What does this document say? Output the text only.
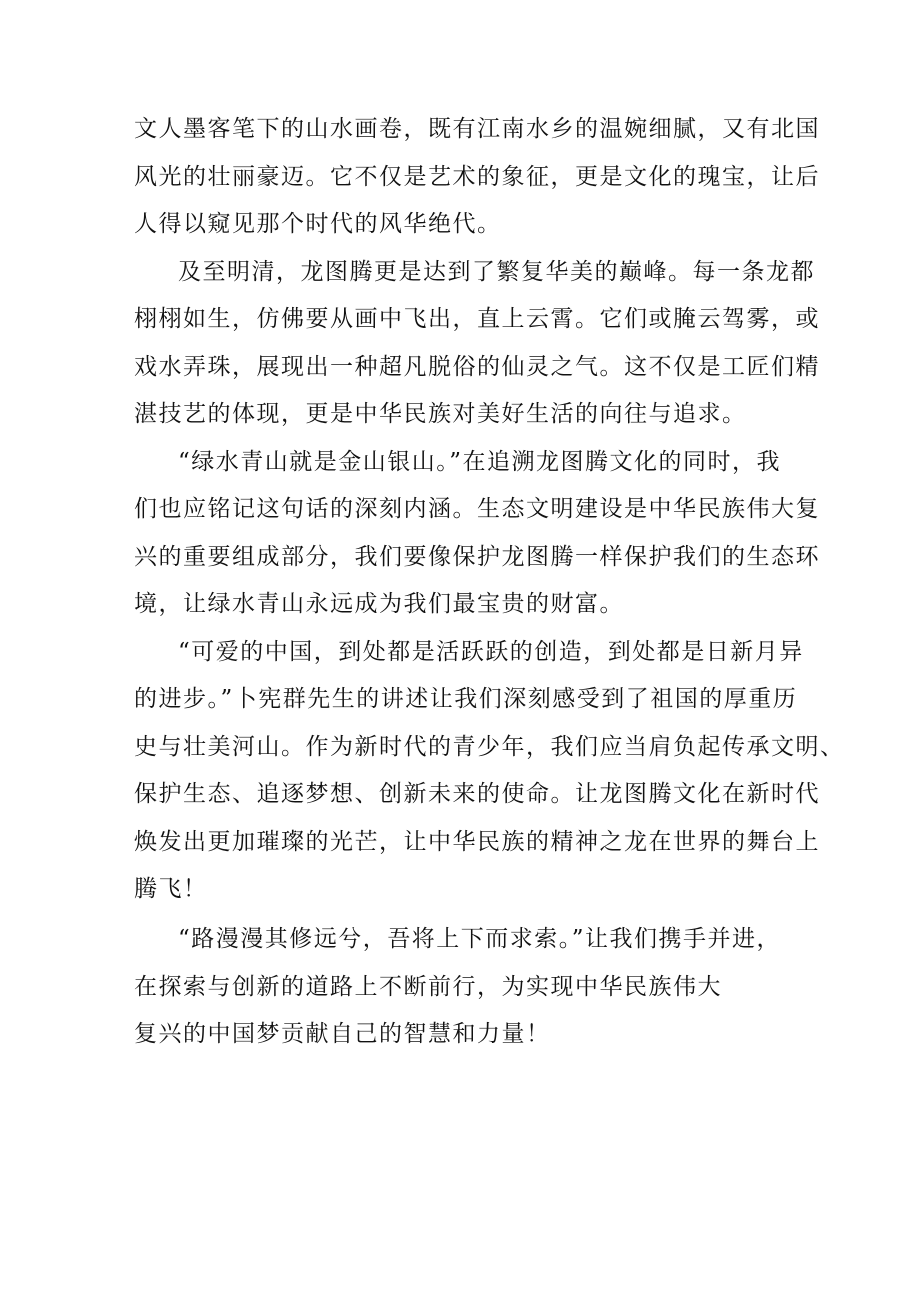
文人墨客笔下的山水画卷，既有江南水乡的温婉细腻，又有北国
风光的壮丽豪迈。它不仅是艺术的象征，更是文化的瑰宝，让后
人得以窥见那个时代的风华绝代。
及至明清，龙图腾更是达到了繁复华美的巅峰。每一条龙都
栩栩如生，仿佛要从画中飞出，直上云霄。它们或腌云驾雾，或
戏水弄珠，展现出一种超凡脱俗的仙灵之气。这不仅是工匠们精
湛技艺的体现，更是中华民族对美好生活的向往与追求。
“绿水青山就是金山银山。”在追溯龙图腾文化的同时，我
们也应铭记这句话的深刻内涵。生态文明建设是中华民族伟大复
兴的重要组成部分，我们要像保护龙图腾一样保护我们的生态环
境，让绿水青山永远成为我们最宝贵的财富。
“可爱的中国，到处都是活跃跃的创造，到处都是日新月异
的进步。”卜宪群先生的讲述让我们深刻感受到了祖国的厚重历
史与壮美河山。作为新时代的青少年，我们应当肩负起传承文明、
保护生态、追逐梦想、创新未来的使命。让龙图腾文化在新时代
焕发出更加璀璨的光芒，让中华民族的精神之龙在世界的舞台上
腾飞！
“路漫漫其修远兮，吾将上下而求索。”让我们携手并进，
在探索与创新的道路上不断前行，为实现中华民族伟大
复兴的中国梦贡献自己的智慧和力量！
